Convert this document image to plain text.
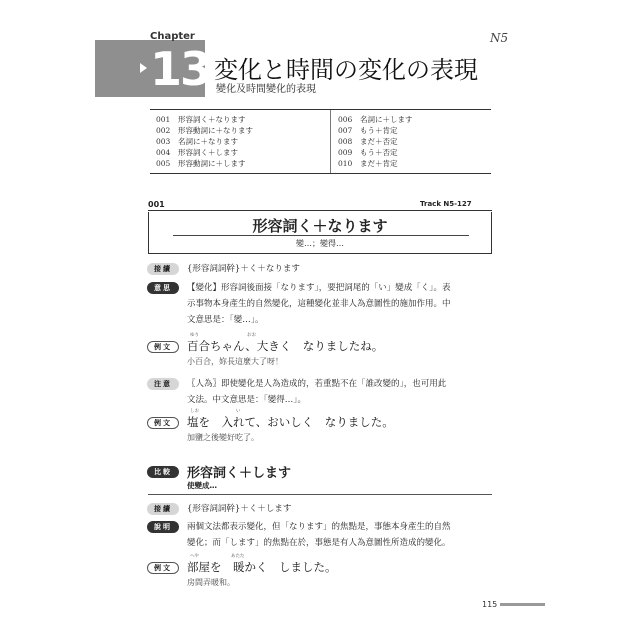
Chapter
13 変化と時間の変化の表現
變化及時間變化的表現
N5
001 形容詞く＋なります
002 形容動詞に＋なります
003 名詞に＋なります
004 形容詞く＋します
005 形容動詞に＋します
006 名詞に＋します
007 もう＋肯定
008 まだ＋否定
009 もう＋否定
010 まだ＋肯定
001	Track N5-127
形容詞く＋なります
變…；變得…
接續	{形容詞詞幹}＋く＋なります
意思	【變化】形容詞後面接「なります」，要把詞尾的「い」變成「く」。表
示事物本身產生的自然變化，這種變化並非人為意圖性的施加作用。中
文意思是：「變…」。
例文
ゆり	おお
百合ちゃん、大きく　なりましたね。
小百合，妳長這麼大了呀！
注意	〖人為〗即使變化是人為造成的，若重點不在「誰改變的」，也可用此
文法。中文意思是：「變得…」。
例文
しお	い
塩を　入れて、おいしく　なりました。
加鹽之後變好吃了。
比較	形容詞く＋します
使變成…
接續	{形容詞詞幹}＋く＋します
說明	兩個文法都表示變化，但「なります」的焦點是，事態本身產生的自然
變化；而「します」的焦點在於，事態是有人為意圖性所造成的變化。
例文
へや	あたた
部屋を　暖かく　しました。
房間弄暖和。
115
